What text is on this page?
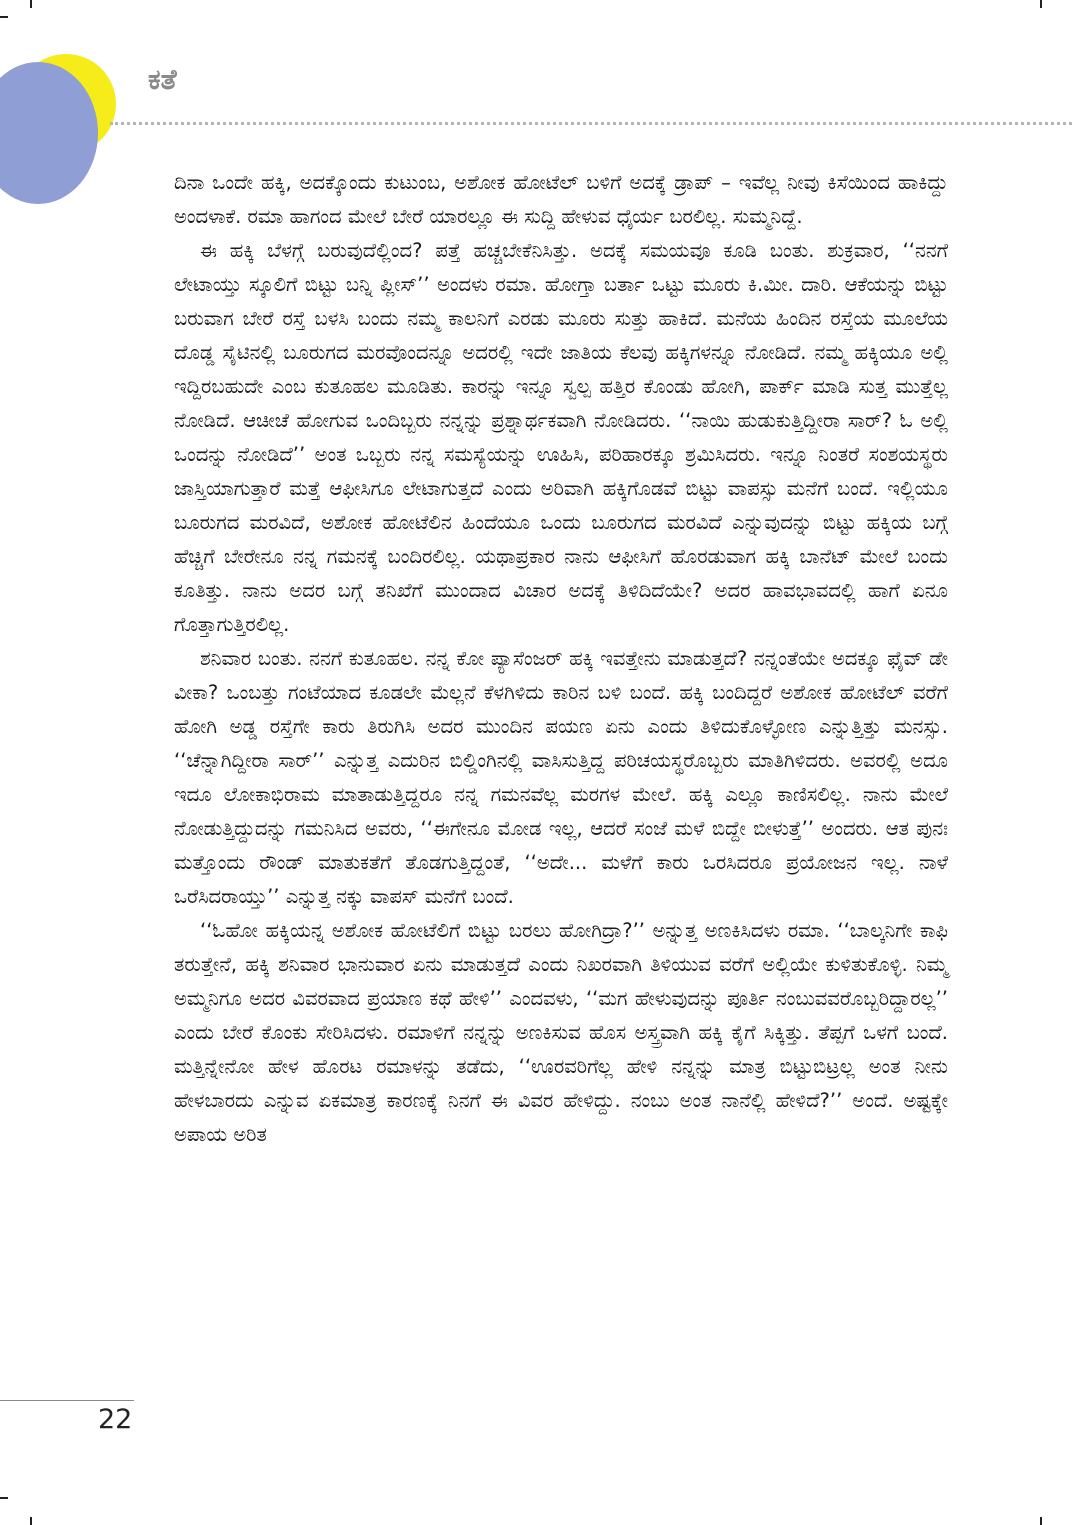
ಕತೆ

ದಿನಾ ಒಂದೇ ಹಕ್ಕಿ, ಅದಕ್ಕೊಂದು ಕುಟುಂಬ, ಅಶೋಕ ಹೋಟೆಲ್ ಬಳಿಗೆ ಅದಕ್ಕೆ ಡ್ರಾಪ್ – ಇವೆಲ್ಲ ನೀವು ಕಿಸೆಯಿಂದ ಹಾಕಿದ್ದು ಅಂದಳಾಕೆ. ರಮಾ ಹಾಗಂದ ಮೇಲೆ ಬೇರೆ ಯಾರಲ್ಲೂ ಈ ಸುದ್ದಿ ಹೇಳುವ ಧೈರ್ಯ ಬರಲಿಲ್ಲ. ಸುಮ್ಮನಿದ್ದೆ.

ಈ ಹಕ್ಕಿ ಬೆಳಗ್ಗೆ ಬರುವುದೆಲ್ಲಿಂದ? ಪತ್ತೆ ಹಚ್ಚಬೇಕೆನಿಸಿತ್ತು. ಅದಕ್ಕೆ ಸಮಯವೂ ಕೂಡಿ ಬಂತು. ಶುಕ್ರವಾರ, ‘‘ನನಗೆ ಲೇಟಾಯ್ತು ಸ್ಕೂಲಿಗೆ ಬಿಟ್ಟು ಬನ್ನಿ ಪ್ಲೀಸ್’’ ಅಂದಳು ರಮಾ. ಹೋಗ್ತಾ ಬರ್ತಾ ಒಟ್ಟು ಮೂರು ಕಿ.ಮೀ. ದಾರಿ. ಆಕೆಯನ್ನು ಬಿಟ್ಟು ಬರುವಾಗ ಬೇರೆ ರಸ್ತೆ ಬಳಸಿ ಬಂದು ನಮ್ಮ ಕಾಲನಿಗೆ ಎರಡು ಮೂರು ಸುತ್ತು ಹಾಕಿದೆ. ಮನೆಯ ಹಿಂದಿನ ರಸ್ತೆಯ ಮೂಲೆಯ ದೊಡ್ಡ ಸೈಟಿನಲ್ಲಿ ಬೂರುಗದ ಮರವೊಂದನ್ನೂ ಅದರಲ್ಲಿ ಇದೇ ಜಾತಿಯ ಕೆಲವು ಹಕ್ಕಿಗಳನ್ನೂ ನೋಡಿದೆ. ನಮ್ಮ ಹಕ್ಕಿಯೂ ಅಲ್ಲಿ ಇದ್ದಿರಬಹುದೇ ಎಂಬ ಕುತೂಹಲ ಮೂಡಿತು. ಕಾರನ್ನು ಇನ್ನೂ ಸ್ವಲ್ಪ ಹತ್ತಿರ ಕೊಂಡು ಹೋಗಿ, ಪಾರ್ಕ್ ಮಾಡಿ ಸುತ್ತ ಮುತ್ತೆಲ್ಲ ನೋಡಿದೆ. ಆಚೀಚೆ ಹೋಗುವ ಒಂದಿಬ್ಬರು ನನ್ನನ್ನು ಪ್ರಶ್ನಾರ್ಥಕವಾಗಿ ನೋಡಿದರು. ‘‘ನಾಯಿ ಹುಡುಕುತ್ತಿದ್ದೀರಾ ಸಾರ್? ಓ ಅಲ್ಲಿ ಒಂದನ್ನು ನೋಡಿದೆ’’ ಅಂತ ಒಬ್ಬರು ನನ್ನ ಸಮಸ್ಯೆಯನ್ನು ಊಹಿಸಿ, ಪರಿಹಾರಕ್ಕೂ ಶ್ರಮಿಸಿದರು. ಇನ್ನೂ ನಿಂತರೆ ಸಂಶಯಸ್ಥರು ಜಾಸ್ತಿಯಾಗುತ್ತಾರೆ ಮತ್ತೆ ಆಫೀಸಿಗೂ ಲೇಟಾಗುತ್ತದೆ ಎಂದು ಅರಿವಾಗಿ ಹಕ್ಕಿಗೊಡವೆ ಬಿಟ್ಟು ವಾಪಸ್ಸು ಮನೆಗೆ ಬಂದೆ. ಇಲ್ಲಿಯೂ ಬೂರುಗದ ಮರವಿದೆ, ಅಶೋಕ ಹೋಟೆಲಿನ ಹಿಂದೆಯೂ ಒಂದು ಬೂರುಗದ ಮರವಿದೆ ಎನ್ನುವುದನ್ನು ಬಿಟ್ಟು ಹಕ್ಕಿಯ ಬಗ್ಗೆ ಹೆಚ್ಚಿಗೆ ಬೇರೇನೂ ನನ್ನ ಗಮನಕ್ಕೆ ಬಂದಿರಲಿಲ್ಲ. ಯಥಾಪ್ರಕಾರ ನಾನು ಆಫೀಸಿಗೆ ಹೊರಡುವಾಗ ಹಕ್ಕಿ ಬಾನೆಟ್ ಮೇಲೆ ಬಂದು ಕೂತಿತ್ತು. ನಾನು ಅದರ ಬಗ್ಗೆ ತನಿಖೆಗೆ ಮುಂದಾದ ವಿಚಾರ ಅದಕ್ಕೆ ತಿಳಿದಿದೆಯೇ? ಅದರ ಹಾವಭಾವದಲ್ಲಿ ಹಾಗೆ ಏನೂ ಗೊತ್ತಾಗುತ್ತಿರಲಿಲ್ಲ.

ಶನಿವಾರ ಬಂತು. ನನಗೆ ಕುತೂಹಲ. ನನ್ನ ಕೋ ಪ್ಯಾಸೆಂಜರ್ ಹಕ್ಕಿ ಇವತ್ತೇನು ಮಾಡುತ್ತದೆ? ನನ್ನಂತೆಯೇ ಅದಕ್ಕೂ ಫೈವ್ ಡೇ ವೀಕಾ? ಒಂಬತ್ತು ಗಂಟೆಯಾದ ಕೂಡಲೇ ಮೆಲ್ಲನೆ ಕೆಳಗಿಳಿದು ಕಾರಿನ ಬಳಿ ಬಂದೆ. ಹಕ್ಕಿ ಬಂದಿದ್ದರೆ ಅಶೋಕ ಹೋಟೆಲ್ ವರೆಗೆ ಹೋಗಿ ಅಡ್ಡ ರಸ್ತೆಗೇ ಕಾರು ತಿರುಗಿಸಿ ಅದರ ಮುಂದಿನ ಪಯಣ ಏನು ಎಂದು ತಿಳಿದುಕೊಳ್ಳೋಣ ಎನ್ನುತ್ತಿತ್ತು ಮನಸ್ಸು. ‘‘ಚೆನ್ನಾಗಿದ್ದೀರಾ ಸಾರ್’’ ಎನ್ನುತ್ತ ಎದುರಿನ ಬಿಲ್ಡಿಂಗಿನಲ್ಲಿ ವಾಸಿಸುತ್ತಿದ್ದ ಪರಿಚಯಸ್ಥರೊಬ್ಬರು ಮಾತಿಗಿಳಿದರು. ಅವರಲ್ಲಿ ಅದೂ ಇದೂ ಲೋಕಾಭಿರಾಮ ಮಾತಾಡುತ್ತಿದ್ದರೂ ನನ್ನ ಗಮನವೆಲ್ಲ ಮರಗಳ ಮೇಲೆ. ಹಕ್ಕಿ ಎಲ್ಲೂ ಕಾಣಿಸಲಿಲ್ಲ. ನಾನು ಮೇಲೆ ನೋಡುತ್ತಿದ್ದುದನ್ನು ಗಮನಿಸಿದ ಅವರು, ‘‘ಈಗೇನೂ ಮೋಡ ಇಲ್ಲ, ಆದರೆ ಸಂಜೆ ಮಳೆ ಬಿದ್ದೇ ಬೀಳುತ್ತೆ’’ ಅಂದರು. ಆತ ಪುನಃ ಮತ್ತೊಂದು ರೌಂಡ್ ಮಾತುಕತೆಗೆ ತೊಡಗುತ್ತಿದ್ದಂತೆ, ‘‘ಅದೇ... ಮಳೆಗೆ ಕಾರು ಒರಸಿದರೂ ಪ್ರಯೋಜನ ಇಲ್ಲ. ನಾಳೆ ಒರೆಸಿದರಾಯ್ತು’’ ಎನ್ನುತ್ತ ನಕ್ಕು ವಾಪಸ್ ಮನೆಗೆ ಬಂದೆ.

‘‘ಓಹೋ ಹಕ್ಕಿಯನ್ನ ಅಶೋಕ ಹೋಟೆಲಿಗೆ ಬಿಟ್ಟು ಬರಲು ಹೋಗಿದ್ರಾ?’’ ಅನ್ನುತ್ತ ಅಣಕಿಸಿದಳು ರಮಾ. ‘‘ಬಾಲ್ಕನಿಗೇ ಕಾಫಿ ತರುತ್ತೇನೆ, ಹಕ್ಕಿ ಶನಿವಾರ ಭಾನುವಾರ ಏನು ಮಾಡುತ್ತದೆ ಎಂದು ನಿಖರವಾಗಿ ತಿಳಿಯುವ ವರೆಗೆ ಅಲ್ಲಿಯೇ ಕುಳಿತುಕೊಳ್ಳಿ. ನಿಮ್ಮ ಅಮ್ಮನಿಗೂ ಅದರ ವಿವರವಾದ ಪ್ರಯಾಣ ಕಥೆ ಹೇಳಿ’’ ಎಂದವಳು, ‘‘ಮಗ ಹೇಳುವುದನ್ನು ಪೂರ್ತಿ ನಂಬುವವರೊಬ್ಬರಿದ್ದಾರಲ್ಲ’’ ಎಂದು ಬೇರೆ ಕೊಂಕು ಸೇರಿಸಿದಳು. ರಮಾಳಿಗೆ ನನ್ನನ್ನು ಅಣಕಿಸುವ ಹೊಸ ಅಸ್ತ್ರವಾಗಿ ಹಕ್ಕಿ ಕೈಗೆ ಸಿಕ್ಕಿತ್ತು. ತೆಪ್ಪಗೆ ಒಳಗೆ ಬಂದೆ. ಮತ್ತಿನ್ನೇನೋ ಹೇಳ ಹೊರಟ ರಮಾಳನ್ನು ತಡೆದು, ‘‘ಊರವರಿಗೆಲ್ಲ ಹೇಳಿ ನನ್ನನ್ನು ಮಾತ್ರ ಬಿಟ್ಟುಬಿಟ್ರಲ್ಲ ಅಂತ ನೀನು ಹೇಳಬಾರದು ಎನ್ನುವ ಏಕಮಾತ್ರ ಕಾರಣಕ್ಕೆ ನಿನಗೆ ಈ ವಿವರ ಹೇಳಿದ್ದು. ನಂಬು ಅಂತ ನಾನೆಲ್ಲಿ ಹೇಳಿದೆ?’’ ಅಂದೆ. ಅಷ್ಟಕ್ಕೇ ಅಪಾಯ ಅರಿತ

22
